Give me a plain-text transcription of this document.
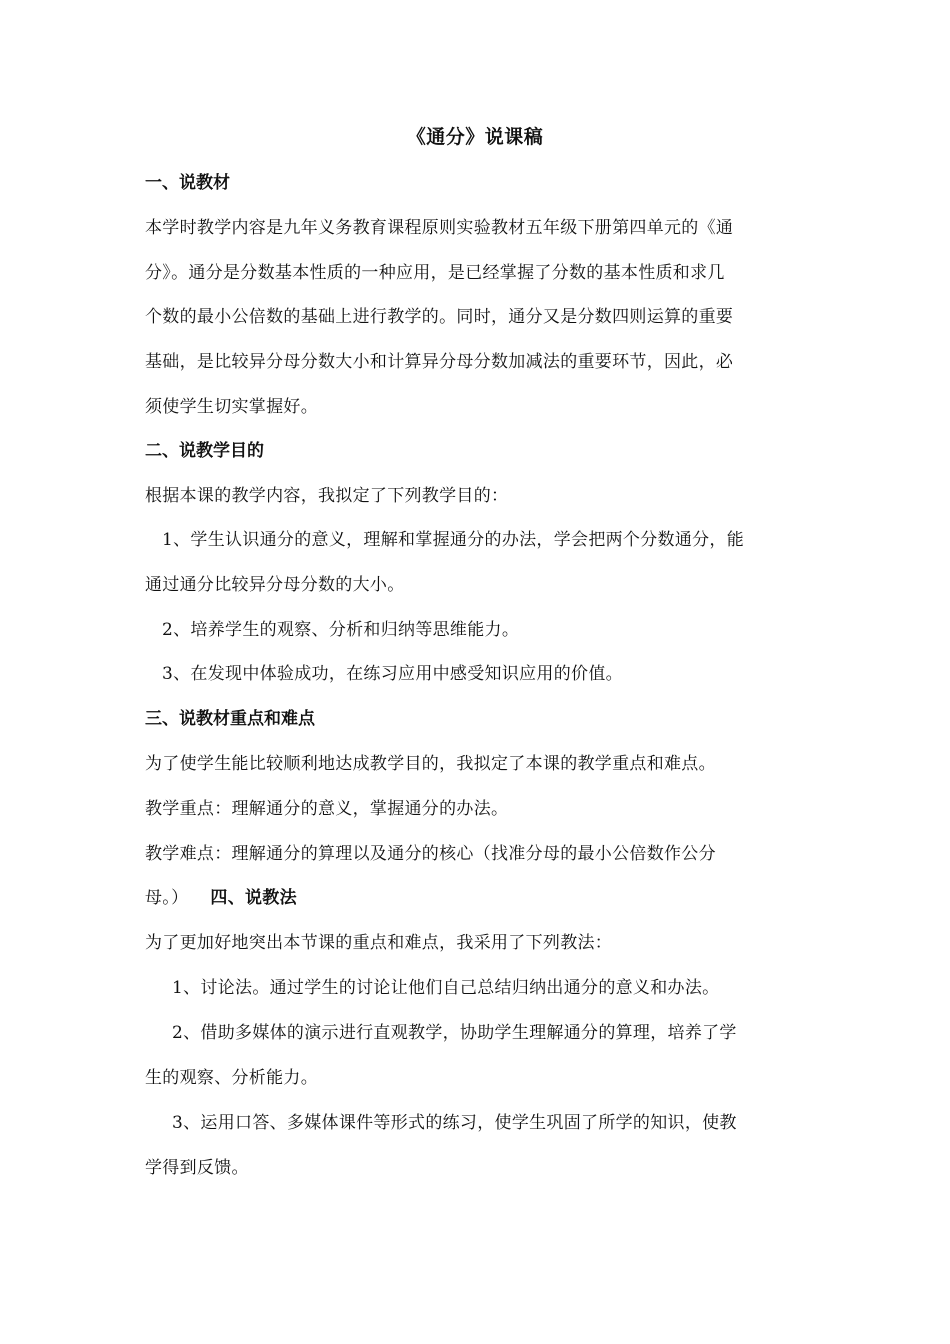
《通分》说课稿
一、说教材
本学时教学内容是九年义务教育课程原则实验教材五年级下册第四单元的《通
分》。通分是分数基本性质的一种应用，是已经掌握了分数的基本性质和求几
个数的最小公倍数的基础上进行教学的。同时，通分又是分数四则运算的重要
基础，是比较异分母分数大小和计算异分母分数加减法的重要环节，因此，必
须使学生切实掌握好。
二、说教学目的
根据本课的教学内容，我拟定了下列教学目的：
1、学生认识通分的意义，理解和掌握通分的办法，学会把两个分数通分，能
通过通分比较异分母分数的大小。
2、培养学生的观察、分析和归纳等思维能力。
3、在发现中体验成功，在练习应用中感受知识应用的价值。
三、说教材重点和难点
为了使学生能比较顺利地达成教学目的，我拟定了本课的教学重点和难点。
教学重点：理解通分的意义，掌握通分的办法。
教学难点：理解通分的算理以及通分的核心（找准分母的最小公倍数作公分
母。） 四、说教法
为了更加好地突出本节课的重点和难点，我采用了下列教法：
1、讨论法。通过学生的讨论让他们自己总结归纳出通分的意义和办法。
2、借助多媒体的演示进行直观教学，协助学生理解通分的算理，培养了学
生的观察、分析能力。
3、运用口答、多媒体课件等形式的练习，使学生巩固了所学的知识，使教
学得到反馈。
